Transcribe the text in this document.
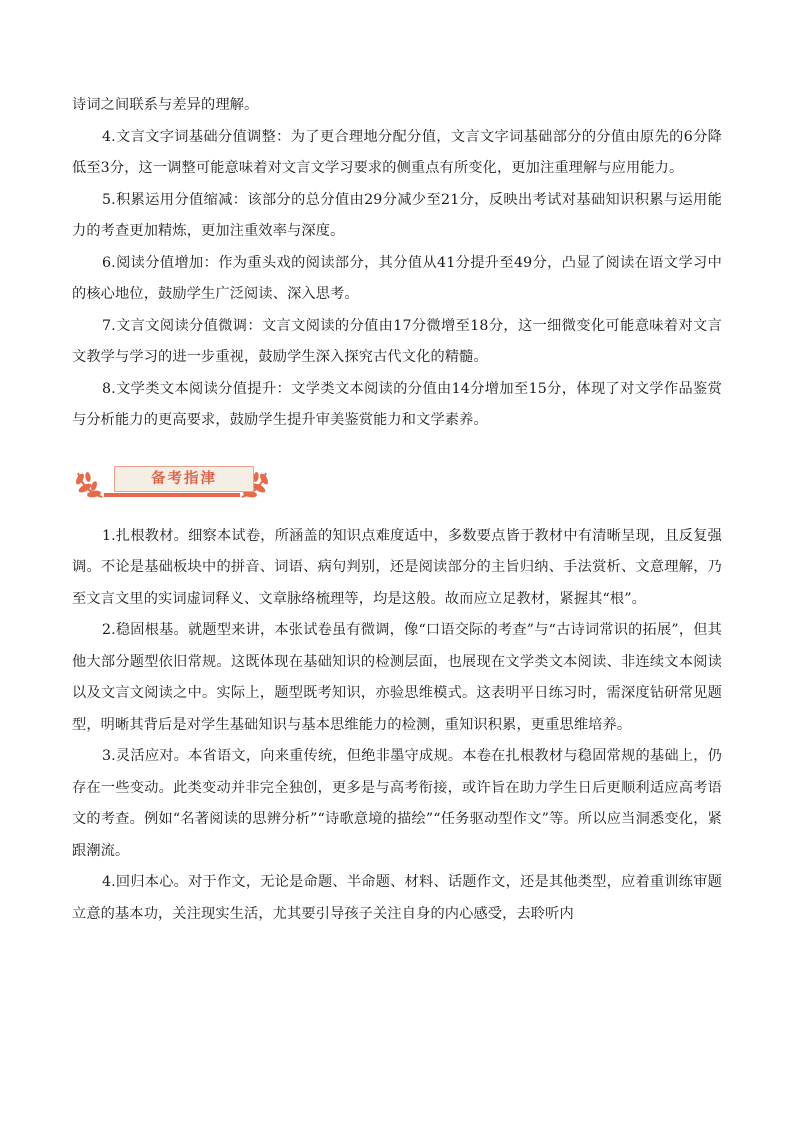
诗词之间联系与差异的理解。

4.文言文字词基础分值调整：为了更合理地分配分值，文言文字词基础部分的分值由原先的6分降低至3分，这一调整可能意味着对文言文学习要求的侧重点有所变化，更加注重理解与应用能力。

5.积累运用分值缩减：该部分的总分值由29分减少至21分，反映出考试对基础知识积累与运用能力的考查更加精炼，更加注重效率与深度。

6.阅读分值增加：作为重头戏的阅读部分，其分值从41分提升至49分，凸显了阅读在语文学习中的核心地位，鼓励学生广泛阅读、深入思考。

7.文言文阅读分值微调：文言文阅读的分值由17分微增至18分，这一细微变化可能意味着对文言文教学与学习的进一步重视，鼓励学生深入探究古代文化的精髓。

8.文学类文本阅读分值提升：文学类文本阅读的分值由14分增加至15分，体现了对文学作品鉴赏与分析能力的更高要求，鼓励学生提升审美鉴赏能力和文学素养。

备考指津

1.扎根教材。细察本试卷，所涵盖的知识点难度适中，多数要点皆于教材中有清晰呈现，且反复强调。不论是基础板块中的拼音、词语、病句判别，还是阅读部分的主旨归纳、手法赏析、文意理解，乃至文言文里的实词虚词释义、文章脉络梳理等，均是这般。故而应立足教材，紧握其“根”。

2.稳固根基。就题型来讲，本张试卷虽有微调，像“口语交际的考查”与“古诗词常识的拓展”，但其他大部分题型依旧常规。这既体现在基础知识的检测层面，也展现在文学类文本阅读、非连续文本阅读以及文言文阅读之中。实际上，题型既考知识，亦验思维模式。这表明平日练习时，需深度钻研常见题型，明晰其背后是对学生基础知识与基本思维能力的检测，重知识积累，更重思维培养。

3.灵活应对。本省语文，向来重传统，但绝非墨守成规。本卷在扎根教材与稳固常规的基础上，仍存在一些变动。此类变动并非完全独创，更多是与高考衔接，或许旨在助力学生日后更顺利适应高考语文的考查。例如“名著阅读的思辨分析”“诗歌意境的描绘”“任务驱动型作文”等。所以应当洞悉变化，紧跟潮流。

4.回归本心。对于作文，无论是命题、半命题、材料、话题作文，还是其他类型，应着重训练审题立意的基本功，关注现实生活，尤其要引导孩子关注自身的内心感受，去聆听内
